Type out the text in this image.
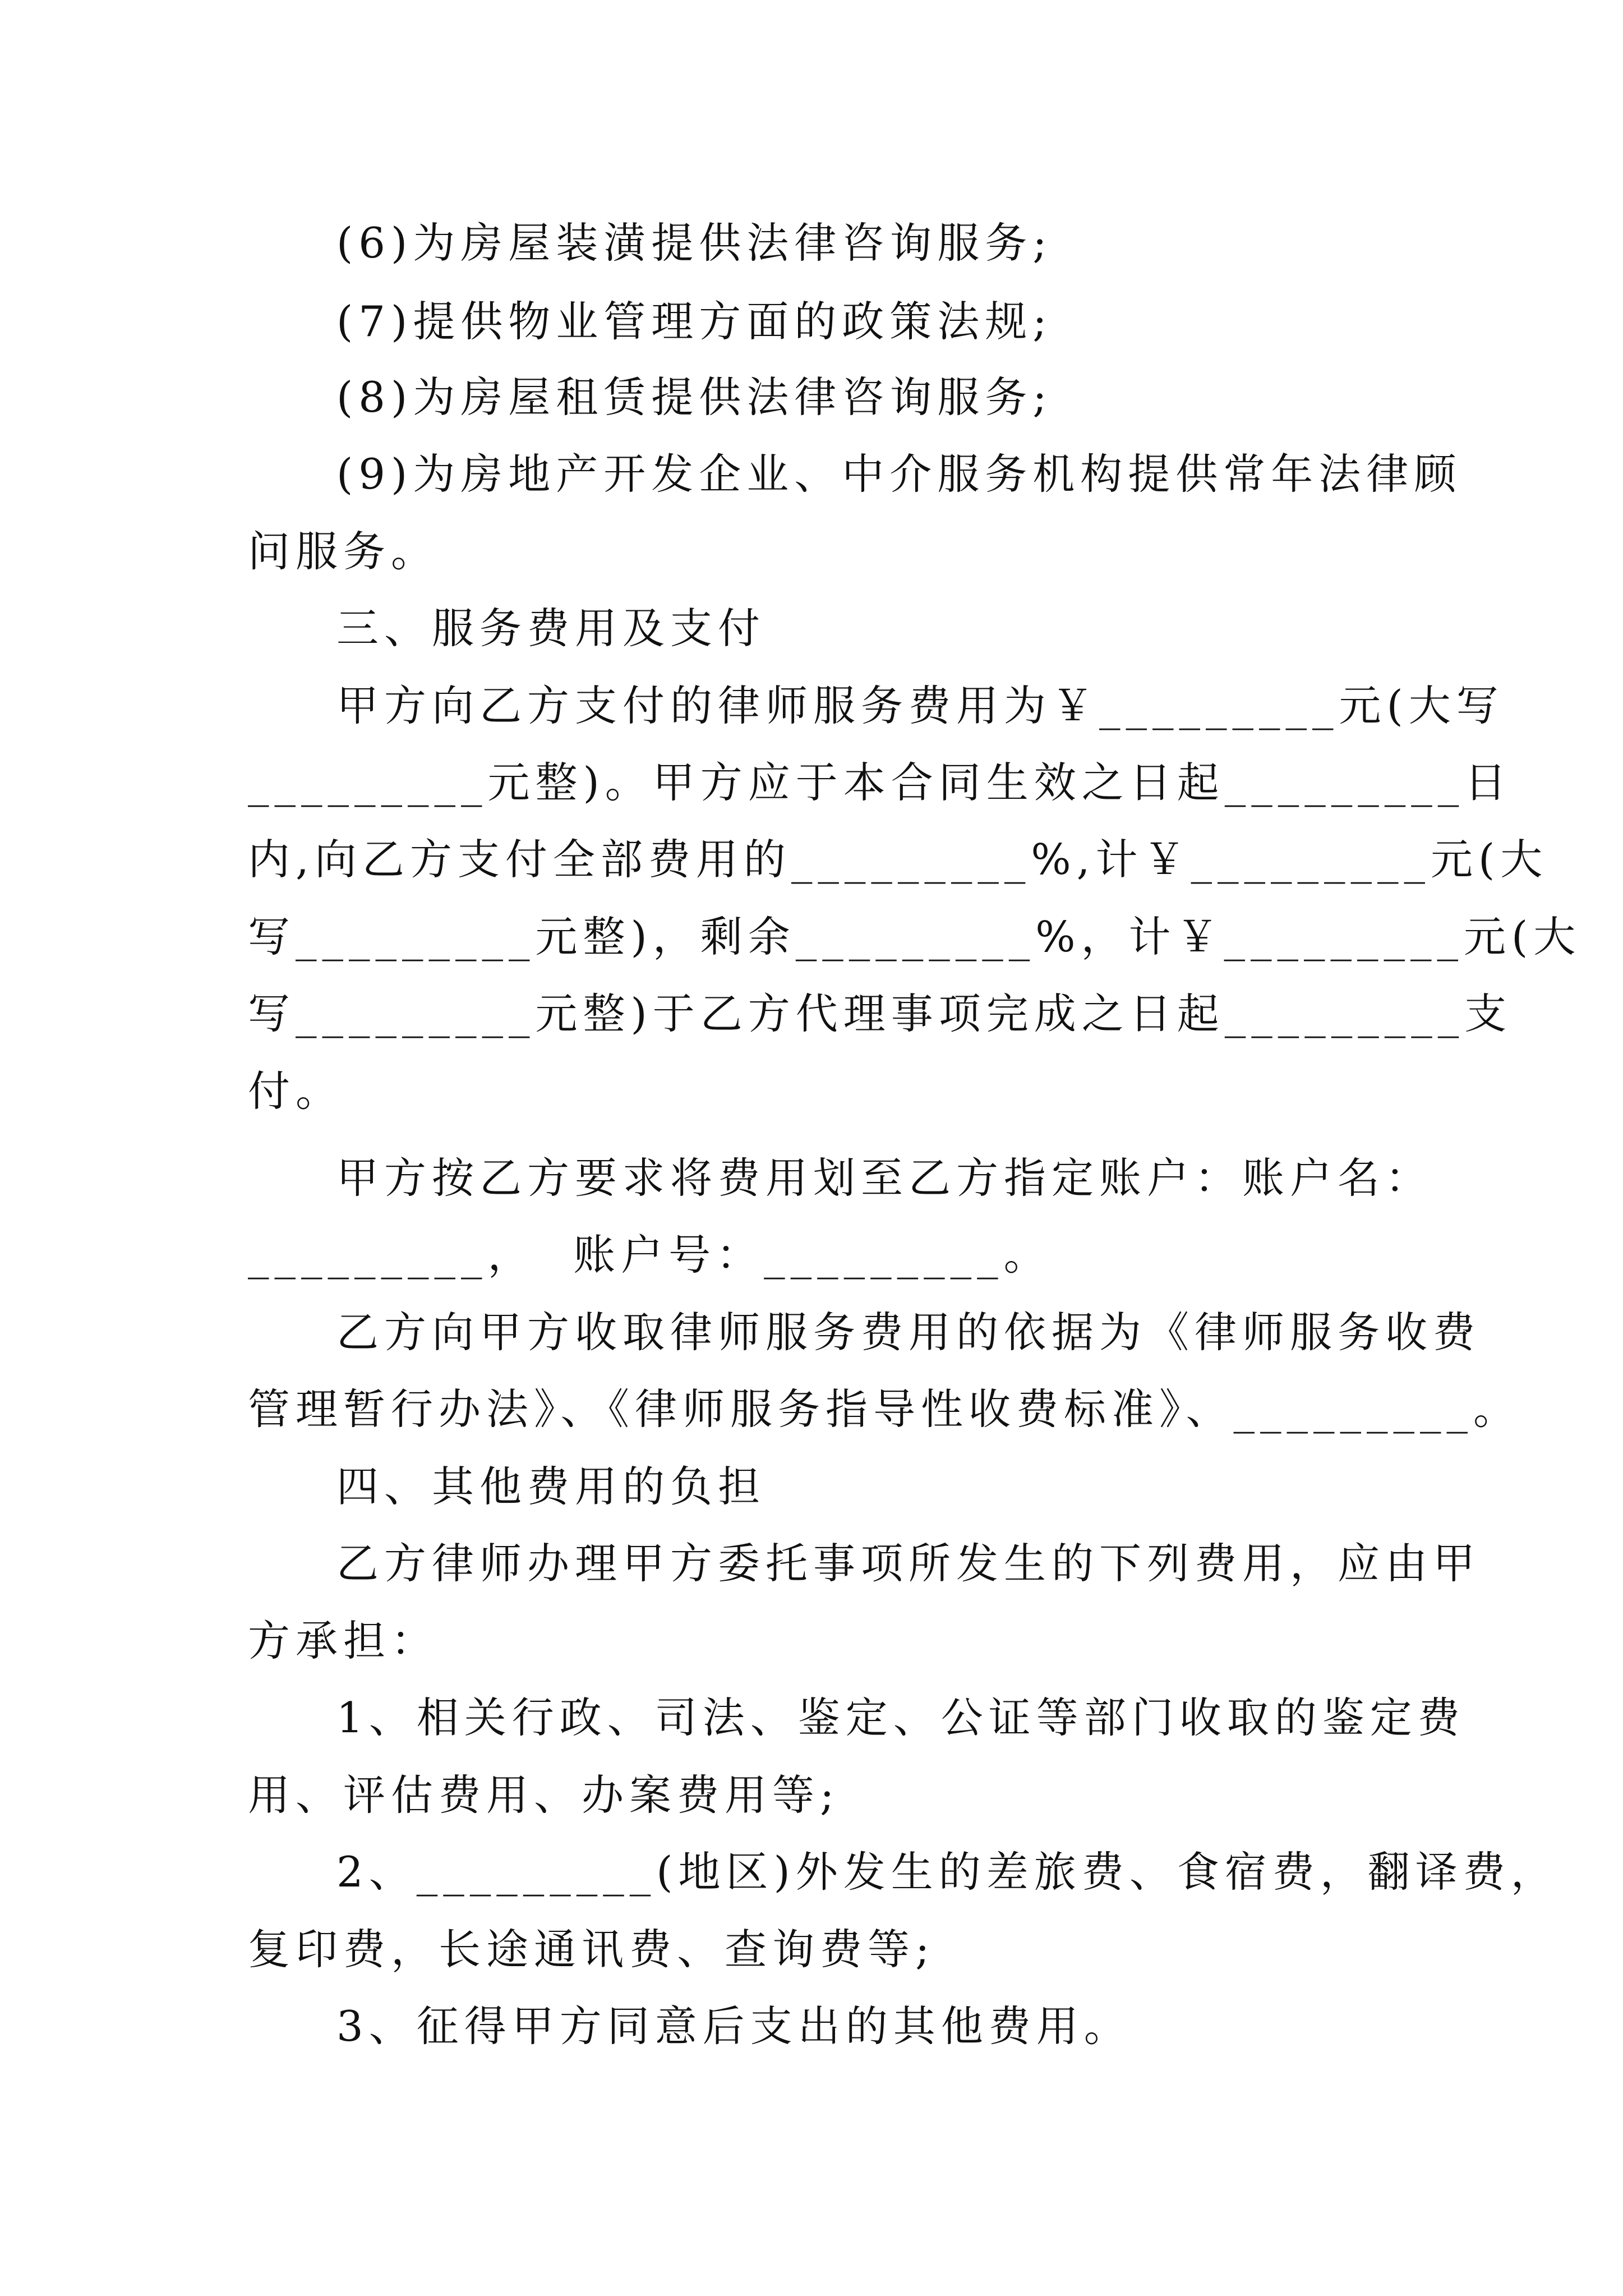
(6)为房屋装潢提供法律咨询服务;
(7)提供物业管理方面的政策法规;
(8)为房屋租赁提供法律咨询服务;
(9)为房地产开发企业、中介服务机构提供常年法律顾
问服务。
三、服务费用及支付
甲方向乙方支付的律师服务费用为￥_________元(大写
_________元整)。甲方应于本合同生效之日起_________日
内,向乙方支付全部费用的_________%,计￥_________元(大
写_________元整)，剩余_________%，计￥_________元(大
写_________元整)于乙方代理事项完成之日起_________支
付。
甲方按乙方要求将费用划至乙方指定账户：账户名：
_________，  账户号：_________。
乙方向甲方收取律师服务费用的依据为《律师服务收费
管理暂行办法》、《律师服务指导性收费标准》、_________。
四、其他费用的负担
乙方律师办理甲方委托事项所发生的下列费用，应由甲
方承担：
1、相关行政、司法、鉴定、公证等部门收取的鉴定费
用、评估费用、办案费用等;
2、_________(地区)外发生的差旅费、食宿费，翻译费，
复印费，长途通讯费、查询费等;
3、征得甲方同意后支出的其他费用。
